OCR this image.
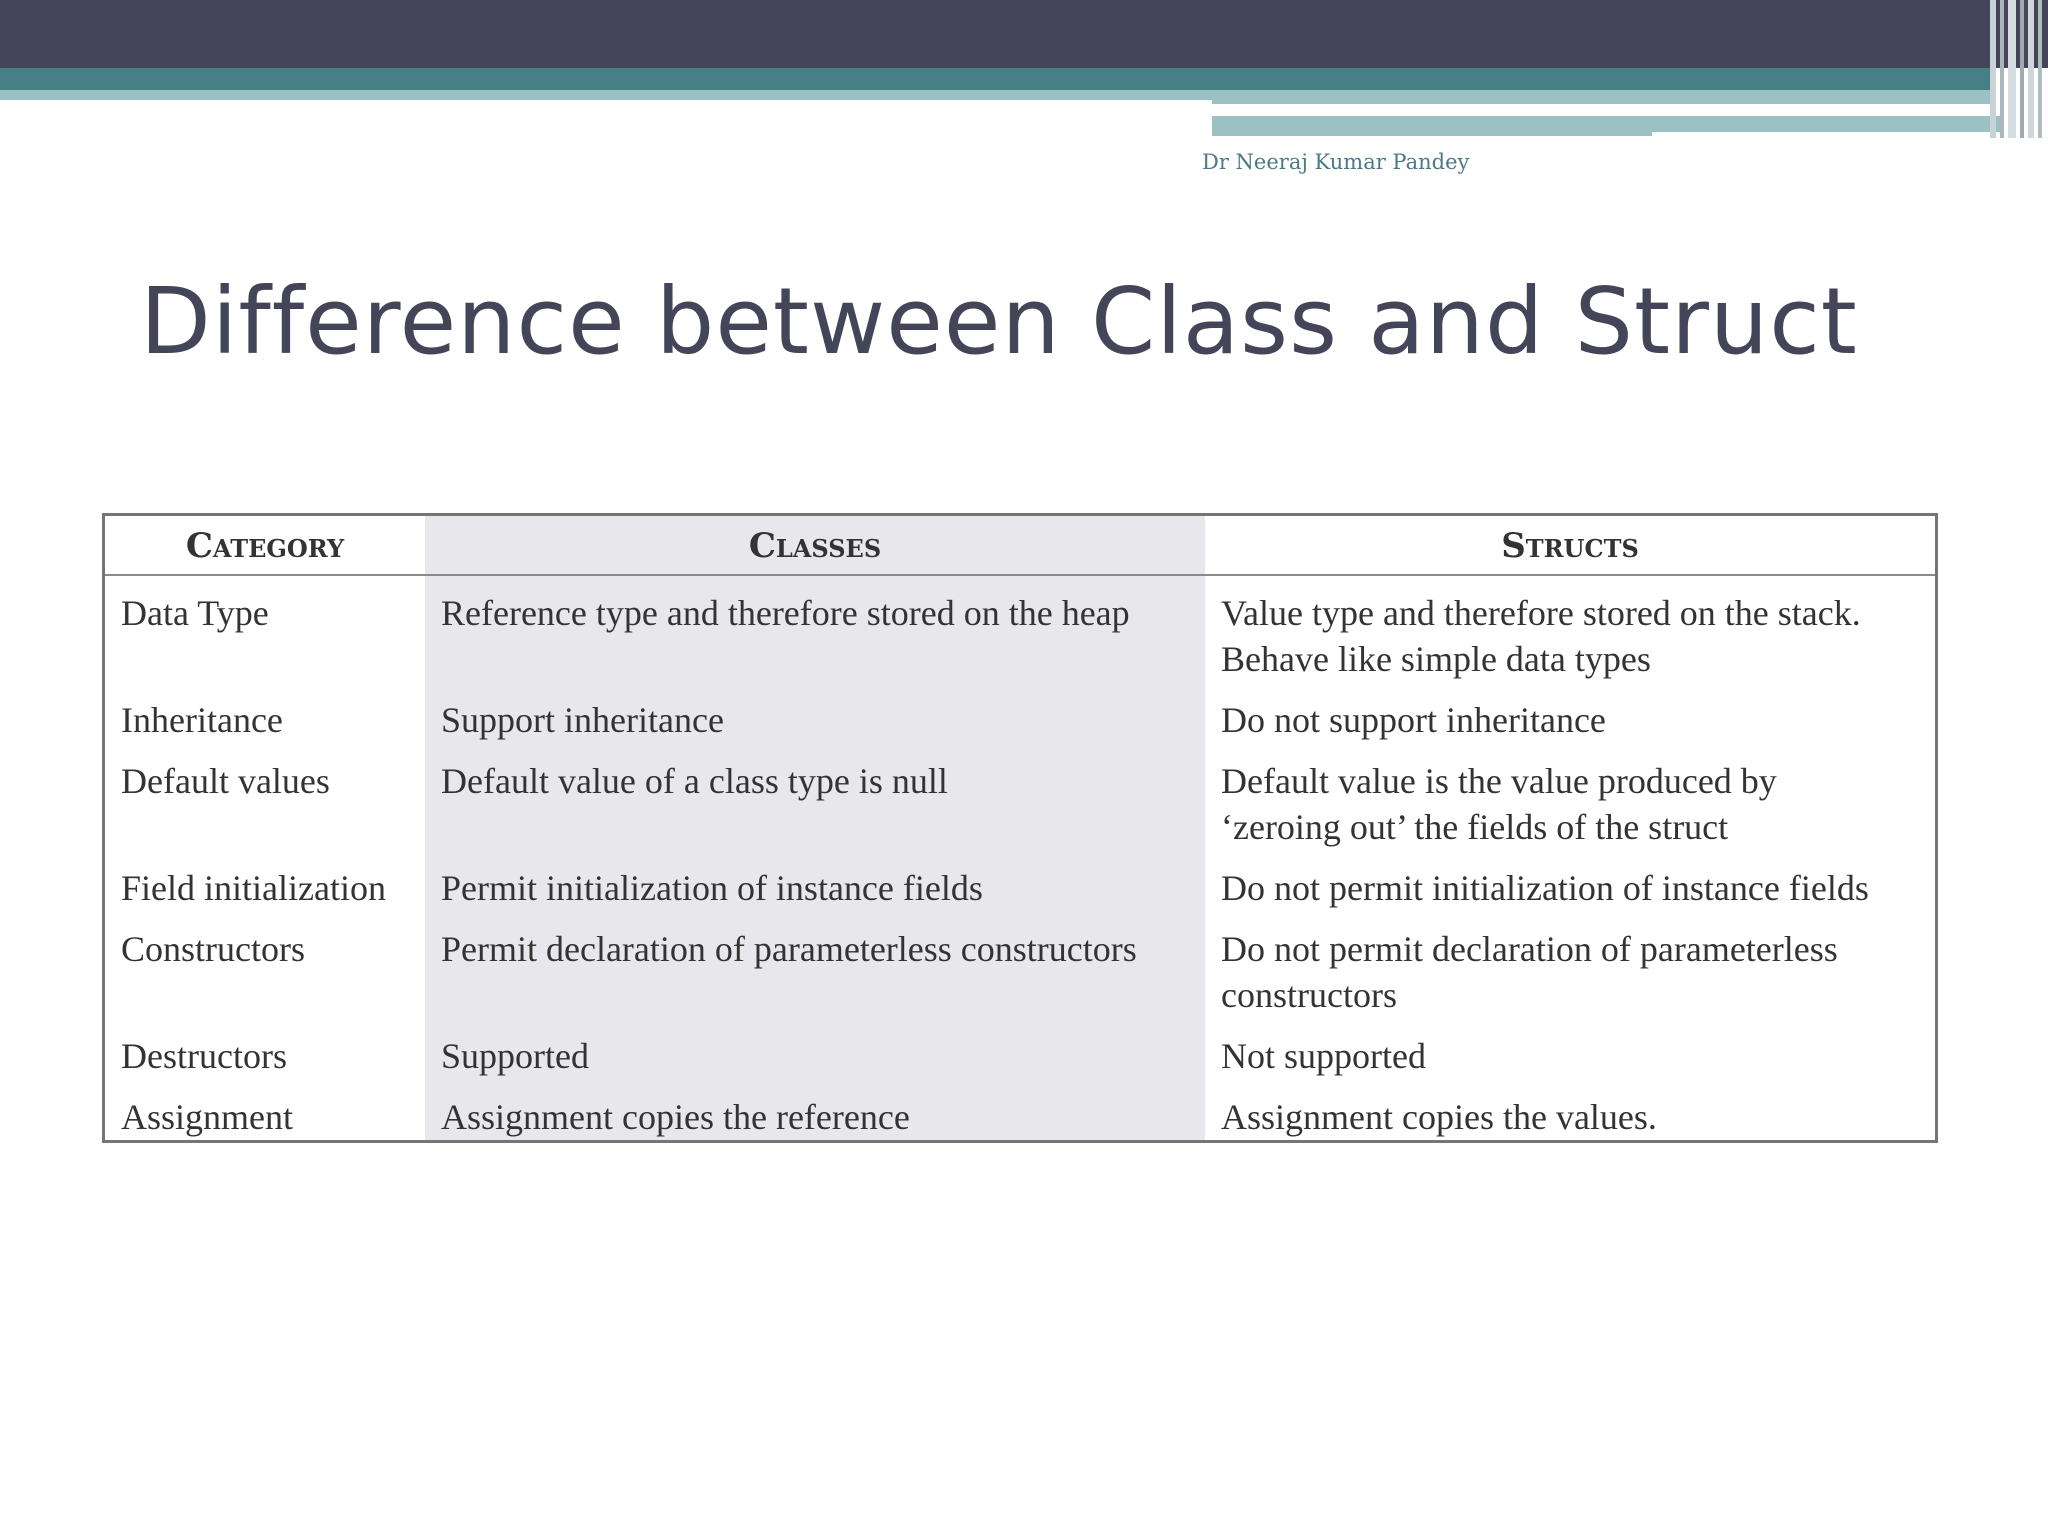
Dr Neeraj Kumar Pandey
Difference between Class and Struct
Category	Classes	Structs
Data Type	Reference type and therefore stored on the heap	Value type and therefore stored on the stack.
Behave like simple data types
Inheritance	Support inheritance	Do not support inheritance
Default values	Default value of a class type is null	Default value is the value produced by
‘zeroing out’ the fields of the struct
Field initialization	Permit initialization of instance fields	Do not permit initialization of instance fields
Constructors	Permit declaration of parameterless constructors	Do not permit declaration of parameterless
constructors
Destructors	Supported	Not supported
Assignment	Assignment copies the reference	Assignment copies the values.
